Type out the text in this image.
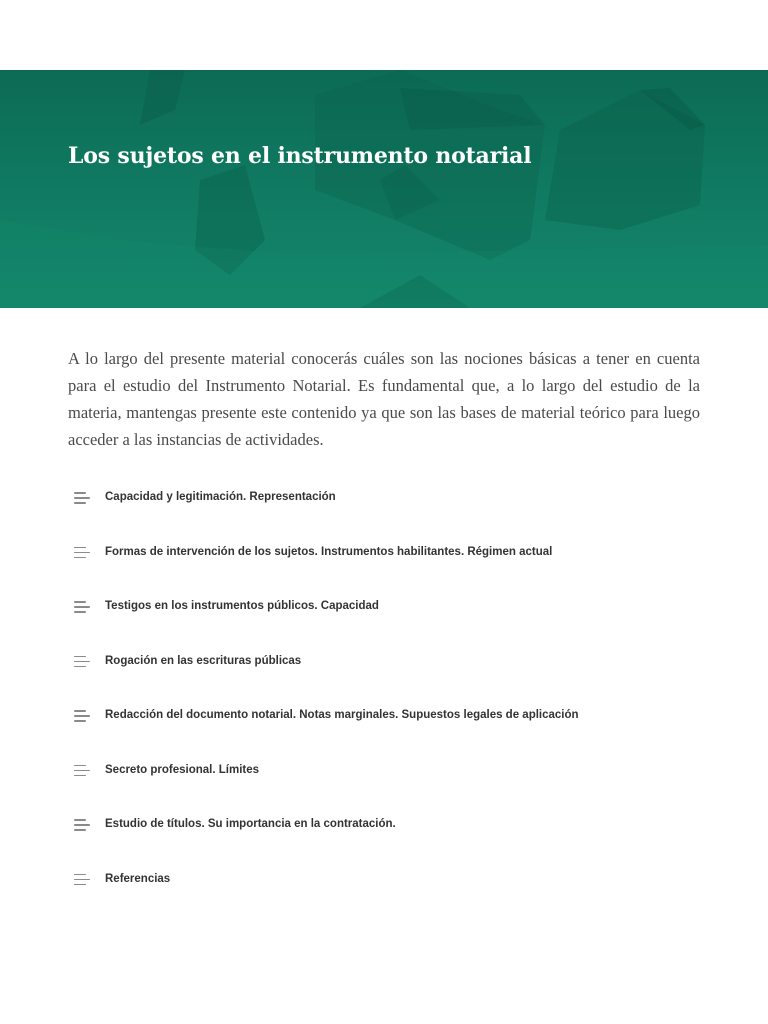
Los sujetos en el instrumento notarial

A lo largo del presente material conocerás cuáles son las nociones básicas a tener en cuenta para el estudio del Instrumento Notarial. Es fundamental que, a lo largo del estudio de la materia, mantengas presente este contenido ya que son las bases de material teórico para luego acceder a las instancias de actividades.

Capacidad y legitimación. Representación
Formas de intervención de los sujetos. Instrumentos habilitantes. Régimen actual
Testigos en los instrumentos públicos. Capacidad
Rogación en las escrituras públicas
Redacción del documento notarial. Notas marginales. Supuestos legales de aplicación
Secreto profesional. Límites
Estudio de títulos. Su importancia en la contratación.
Referencias
